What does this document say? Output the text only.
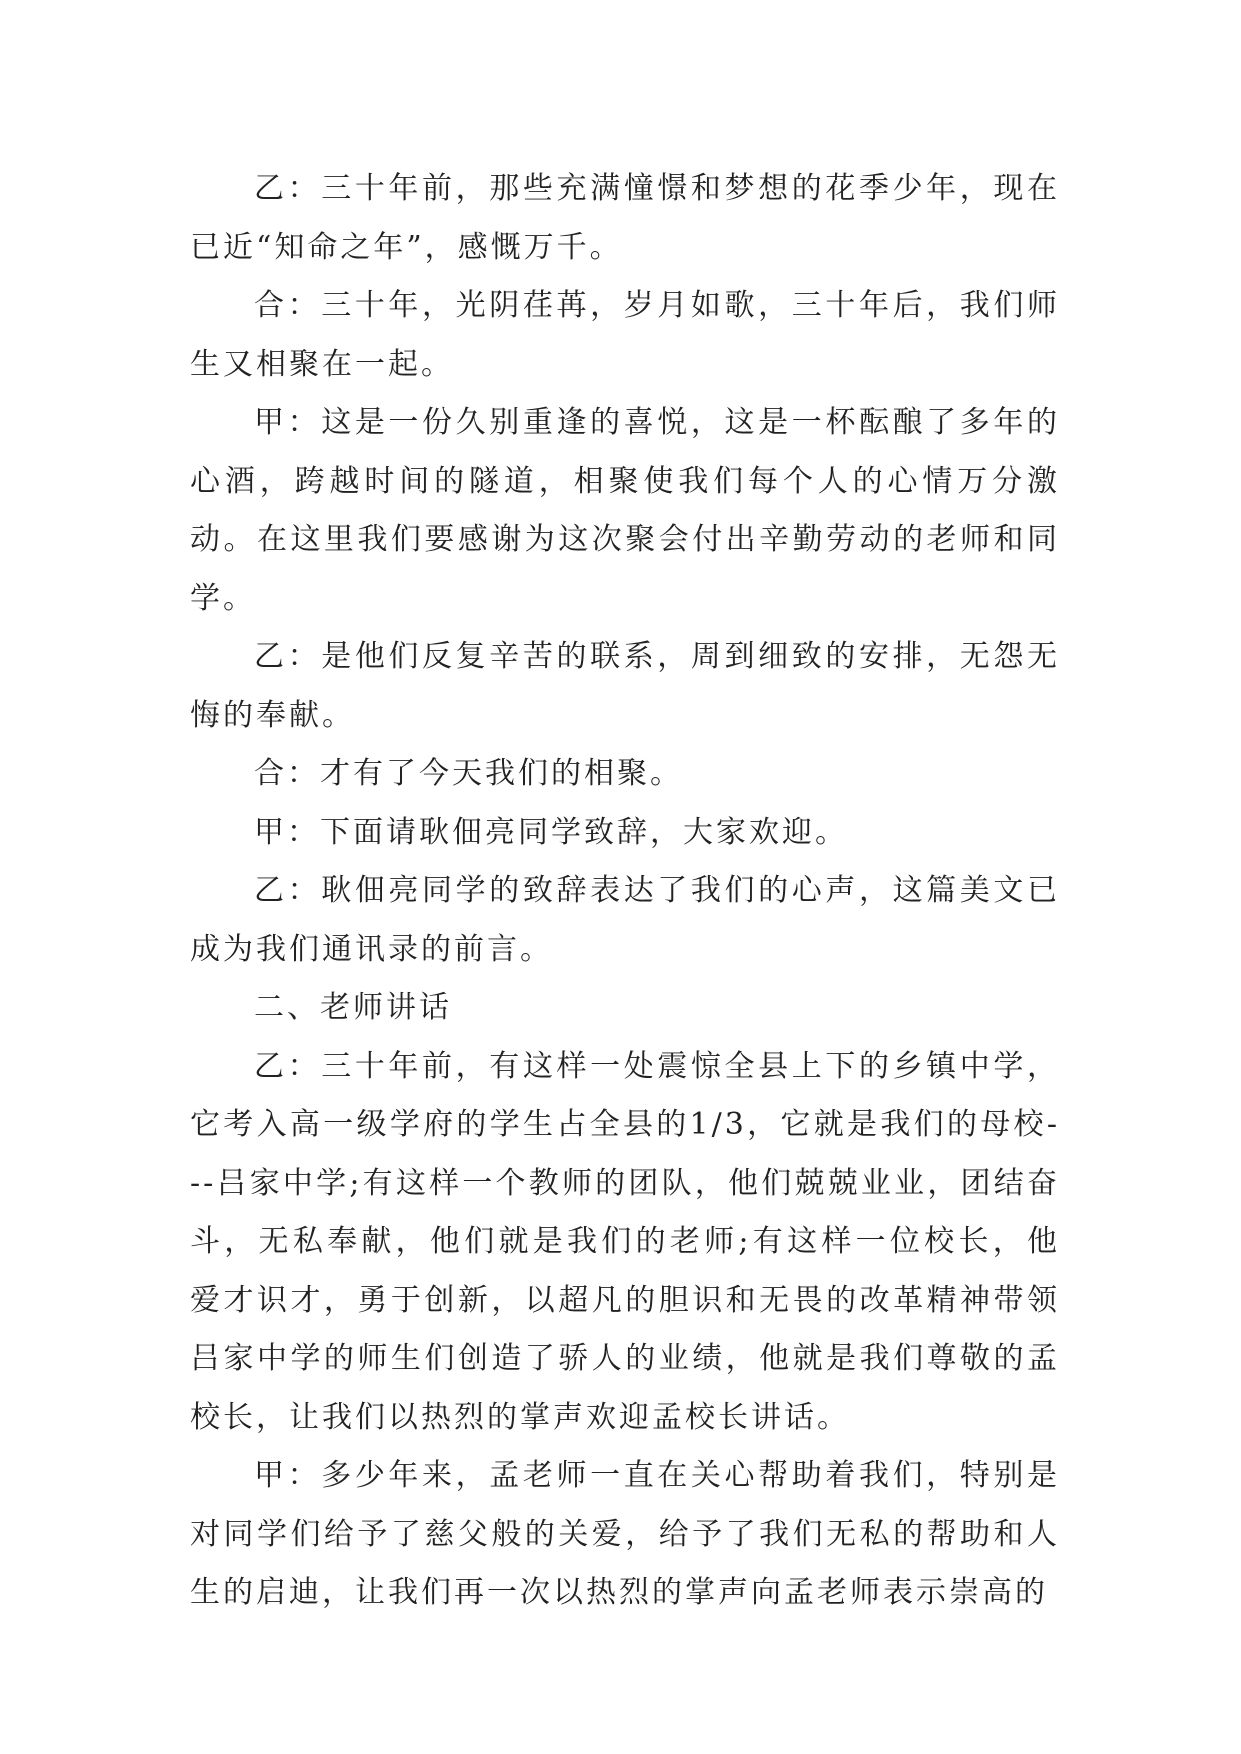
乙：三十年前，那些充满憧憬和梦想的花季少年，现在已近“知命之年”，感慨万千。

合：三十年，光阴荏苒，岁月如歌，三十年后，我们师生又相聚在一起。

甲：这是一份久别重逢的喜悦，这是一杯酝酿了多年的心酒，跨越时间的隧道，相聚使我们每个人的心情万分激动。在这里我们要感谢为这次聚会付出辛勤劳动的老师和同学。

乙：是他们反复辛苦的联系，周到细致的安排，无怨无悔的奉献。

合：才有了今天我们的相聚。

甲：下面请耿佃亮同学致辞，大家欢迎。

乙：耿佃亮同学的致辞表达了我们的心声，这篇美文已成为我们通讯录的前言。

二、老师讲话

乙：三十年前，有这样一处震惊全县上下的乡镇中学，它考入高一级学府的学生占全县的1/3，它就是我们的母校---吕家中学;有这样一个教师的团队，他们兢兢业业，团结奋斗，无私奉献，他们就是我们的老师;有这样一位校长，他爱才识才，勇于创新，以超凡的胆识和无畏的改革精神带领吕家中学的师生们创造了骄人的业绩，他就是我们尊敬的孟校长，让我们以热烈的掌声欢迎孟校长讲话。

甲：多少年来，孟老师一直在关心帮助着我们，特别是对同学们给予了慈父般的关爱，给予了我们无私的帮助和人生的启迪，让我们再一次以热烈的掌声向孟老师表示崇高的
